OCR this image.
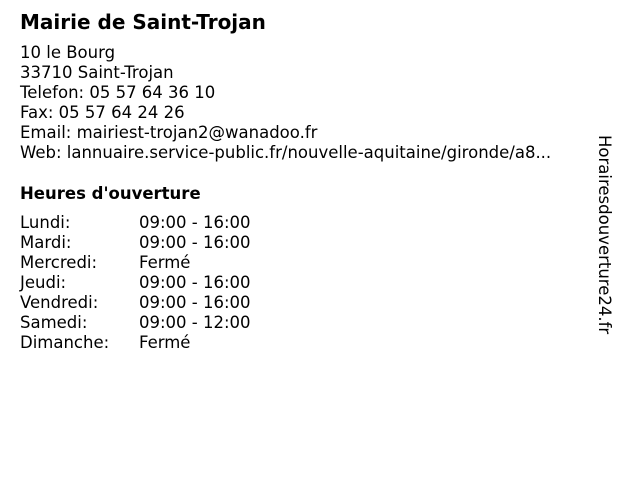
Mairie de Saint-Trojan
10 le Bourg
33710 Saint-Trojan
Telefon: 05 57 64 36 10
Fax: 05 57 64 24 26
Email: mairiest-trojan2@wanadoo.fr
Web: lannuaire.service-public.fr/nouvelle-aquitaine/gironde/a8...
Heures d'ouverture
Lundi:	09:00 - 16:00
Mardi:	09:00 - 16:00
Mercredi:	Fermé
Jeudi:	09:00 - 16:00
Vendredi: 09:00 - 16:00
Samedi:	09:00 - 12:00
Dimanche: Fermé
Horairesdouverture24.fr
